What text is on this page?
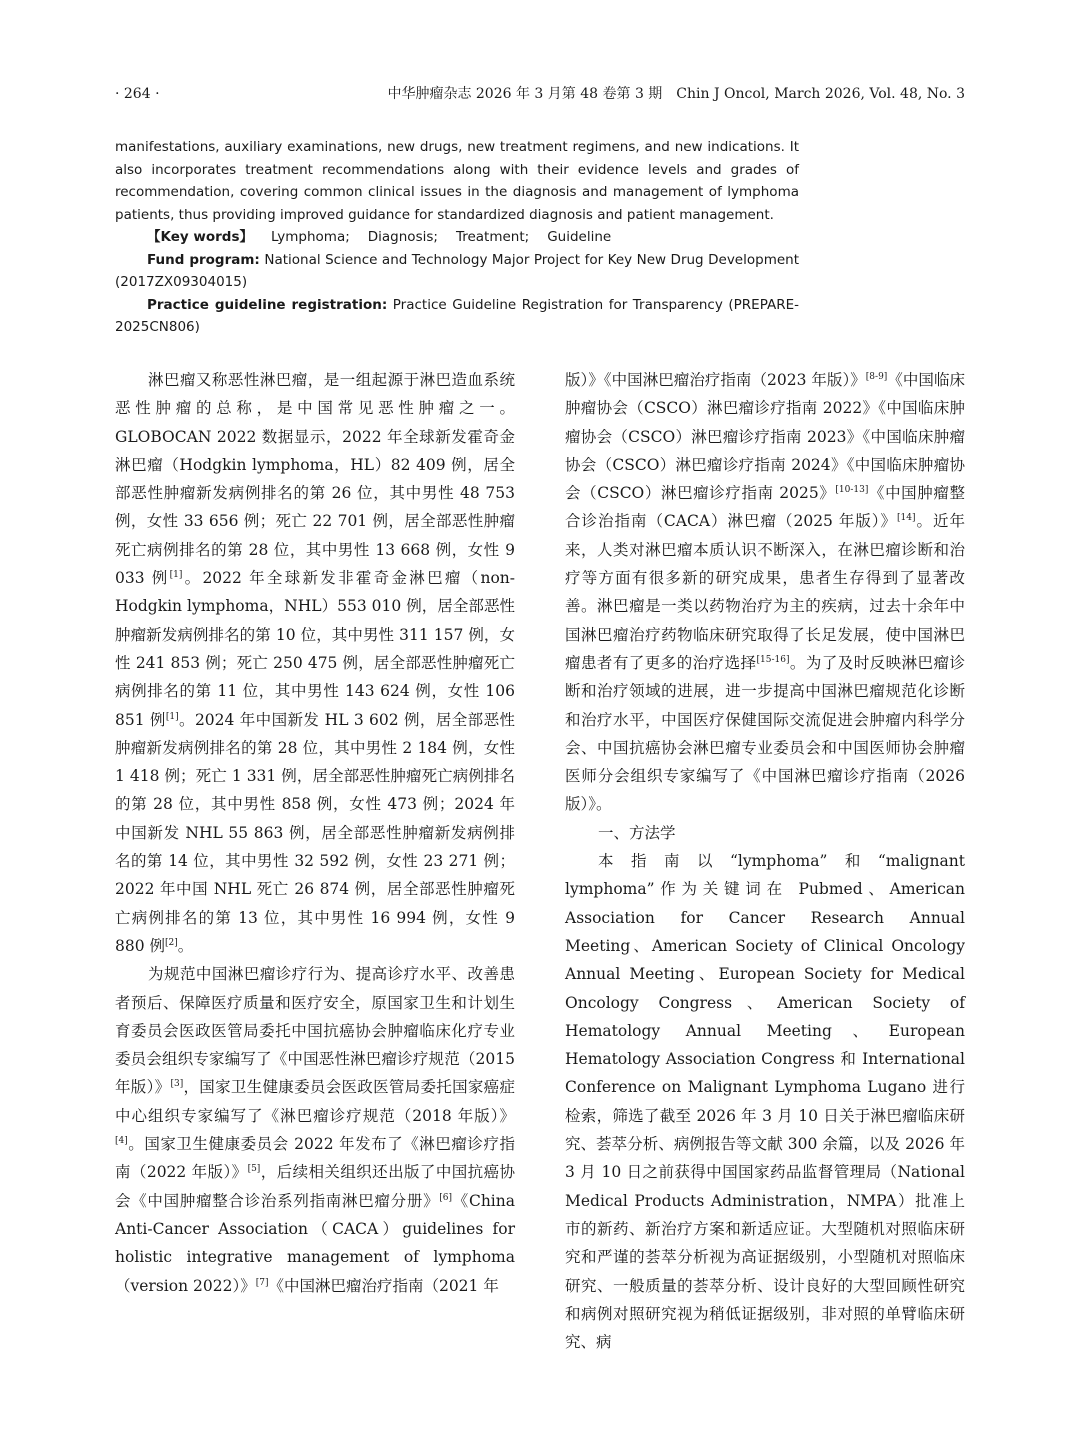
· 264 ·	中华肿瘤杂志 2026 年 3 月第 48 卷第 3 期　Chin J Oncol, March 2026, Vol. 48, No. 3

manifestations, auxiliary examinations, new drugs, new treatment regimens, and new indications. It also incorporates treatment recommendations along with their evidence levels and grades of recommendation, covering common clinical issues in the diagnosis and management of lymphoma patients, thus providing improved guidance for standardized diagnosis and patient management.

【Key words】 Lymphoma; Diagnosis; Treatment; Guideline

Fund program: National Science and Technology Major Project for Key New Drug Development (2017ZX09304015)

Practice guideline registration: Practice Guideline Registration for Transparency (PREPARE-2025CN806)

淋巴瘤又称恶性淋巴瘤，是一组起源于淋巴造血系统恶性肿瘤的总称，是中国常见恶性肿瘤之一。GLOBOCAN 2022 数据显示，2022 年全球新发霍奇金淋巴瘤（Hodgkin lymphoma，HL）82 409 例，居全部恶性肿瘤新发病例排名的第 26 位，其中男性 48 753 例，女性 33 656 例；死亡 22 701 例，居全部恶性肿瘤死亡病例排名的第 28 位，其中男性 13 668 例，女性 9 033 例[1]。2022 年全球新发非霍奇金淋巴瘤（non-Hodgkin lymphoma，NHL）553 010 例，居全部恶性肿瘤新发病例排名的第 10 位，其中男性 311 157 例，女性 241 853 例；死亡 250 475 例，居全部恶性肿瘤死亡病例排名的第 11 位，其中男性 143 624 例，女性 106 851 例[1]。2024 年中国新发 HL 3 602 例，居全部恶性肿瘤新发病例排名的第 28 位，其中男性 2 184 例，女性 1 418 例；死亡 1 331 例，居全部恶性肿瘤死亡病例排名的第 28 位，其中男性 858 例，女性 473 例；2024 年中国新发 NHL 55 863 例，居全部恶性肿瘤新发病例排名的第 14 位，其中男性 32 592 例，女性 23 271 例；2022 年中国 NHL 死亡 26 874 例，居全部恶性肿瘤死亡病例排名的第 13 位，其中男性 16 994 例，女性 9 880 例[2]。

为规范中国淋巴瘤诊疗行为、提高诊疗水平、改善患者预后、保障医疗质量和医疗安全，原国家卫生和计划生育委员会医政医管局委托中国抗癌协会肿瘤临床化疗专业委员会组织专家编写了《中国恶性淋巴瘤诊疗规范（2015 年版）》[3]，国家卫生健康委员会医政医管局委托国家癌症中心组织专家编写了《淋巴瘤诊疗规范（2018 年版）》[4]。国家卫生健康委员会 2022 年发布了《淋巴瘤诊疗指南（2022 年版）》[5]，后续相关组织还出版了中国抗癌协会《中国肿瘤整合诊治系列指南淋巴瘤分册》[6]《China Anti-Cancer Association（CACA）guidelines for holistic integrative management of lymphoma（version 2022）》[7]《中国淋巴瘤治疗指南（2021 年

版）》《中国淋巴瘤治疗指南（2023 年版）》[8-9]《中国临床肿瘤协会（CSCO）淋巴瘤诊疗指南 2022》《中国临床肿瘤协会（CSCO）淋巴瘤诊疗指南 2023》《中国临床肿瘤协会（CSCO）淋巴瘤诊疗指南 2024》《中国临床肿瘤协会（CSCO）淋巴瘤诊疗指南 2025》[10-13]《中国肿瘤整合诊治指南（CACA）淋巴瘤（2025 年版）》[14]。近年来，人类对淋巴瘤本质认识不断深入，在淋巴瘤诊断和治疗等方面有很多新的研究成果，患者生存得到了显著改善。淋巴瘤是一类以药物治疗为主的疾病，过去十余年中国淋巴瘤治疗药物临床研究取得了长足发展，使中国淋巴瘤患者有了更多的治疗选择[15-16]。为了及时反映淋巴瘤诊断和治疗领域的进展，进一步提高中国淋巴瘤规范化诊断和治疗水平，中国医疗保健国际交流促进会肿瘤内科学分会、中国抗癌协会淋巴瘤专业委员会和中国医师协会肿瘤医师分会组织专家编写了《中国淋巴瘤诊疗指南（2026 版）》。

一、方法学

本指南以“lymphoma”和“malignant lymphoma”作为关键词在 Pubmed、American Association for Cancer Research Annual Meeting、American Society of Clinical Oncology Annual Meeting、European Society for Medical Oncology Congress、American Society of Hematology Annual Meeting、European Hematology Association Congress 和 International Conference on Malignant Lymphoma Lugano 进行检索，筛选了截至 2026 年 3 月 10 日关于淋巴瘤临床研究、荟萃分析、病例报告等文献 300 余篇，以及 2026 年 3 月 10 日之前获得中国国家药品监督管理局（National Medical Products Administration，NMPA）批准上市的新药、新治疗方案和新适应证。大型随机对照临床研究和严谨的荟萃分析视为高证据级别，小型随机对照临床研究、一般质量的荟萃分析、设计良好的大型回顾性研究和病例对照研究视为稍低证据级别，非对照的单臂临床研究、病
